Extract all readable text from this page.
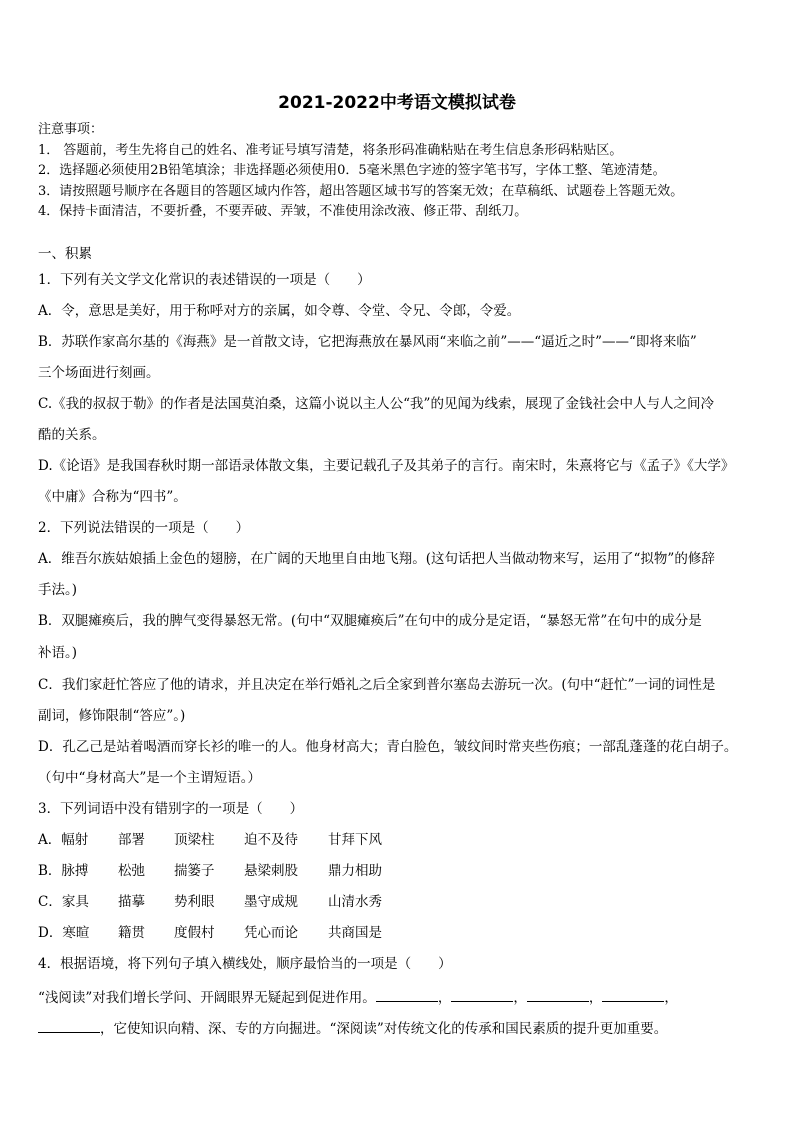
2021-2022中考语文模拟试卷
注意事项：
1． 答题前，考生先将自己的姓名、准考证号填写清楚，将条形码准确粘贴在考生信息条形码粘贴区。
2．选择题必须使用2B铅笔填涂；非选择题必须使用0．5毫米黑色字迹的签字笔书写，字体工整、笔迹清楚。
3．请按照题号顺序在各题目的答题区域内作答，超出答题区域书写的答案无效；在草稿纸、试题卷上答题无效。
4．保持卡面清洁，不要折叠，不要弄破、弄皱，不准使用涂改液、修正带、刮纸刀。
一、积累
1．下列有关文学文化常识的表述错误的一项是（　　）
A．令，意思是美好，用于称呼对方的亲属，如令尊、令堂、令兄、令郎，令爱。
B．苏联作家高尔基的《海燕》是一首散文诗，它把海燕放在暴风雨“来临之前”——“逼近之时”——“即将来临”
三个场面进行刻画。
C.《我的叔叔于勒》的作者是法国莫泊桑，这篇小说以主人公“我”的见闻为线索，展现了金钱社会中人与人之间冷
酷的关系。
D.《论语》是我国春秋时期一部语录体散文集，主要记载孔子及其弟子的言行。南宋时，朱熹将它与《孟子》《大学》
《中庸》合称为“四书”。
2．下列说法错误的一项是（　　）
A．维吾尔族姑娘插上金色的翅膀，在广阔的天地里自由地飞翔。(这句话把人当做动物来写，运用了“拟物”的修辞
手法。)
B．双腿瘫痪后，我的脾气变得暴怒无常。(句中“双腿瘫痪后”在句中的成分是定语，“暴怒无常”在句中的成分是
补语。)
C．我们家赶忙答应了他的请求，并且决定在举行婚礼之后全家到普尔塞岛去游玩一次。(句中“赶忙”一词的词性是
副词，修饰限制“答应”。)
D．孔乙己是站着喝酒而穿长衫的唯一的人。他身材高大；青白脸色，皱纹间时常夹些伤痕；一部乱蓬蓬的花白胡子。
（句中“身材高大”是一个主谓短语。）
3．下列词语中没有错别字的一项是（　　）
A．幅射 部署 顶梁柱 迫不及待 甘拜下风
B．脉搏 松弛 揣篓子 悬梁刺股 鼎力相助
C．家具 描摹 势利眼 墨守成规 山清水秀
D．寒暄 籍贯 度假村 凭心而论 共商国是
4．根据语境，将下列句子填入横线处，顺序最恰当的一项是（　　）
“浅阅读”对我们增长学问、开阔眼界无疑起到促进作用。	，	，	，	，
，它使知识向精、深、专的方向掘进。“深阅读”对传统文化的传承和国民素质的提升更加重要。
